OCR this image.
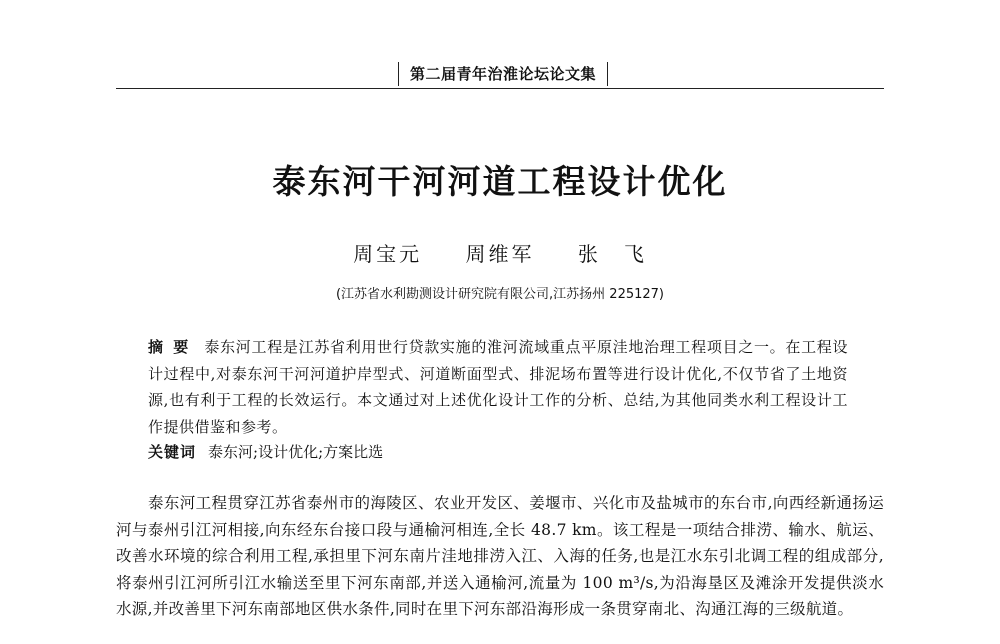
第二届青年治淮论坛论文集
泰东河干河河道工程设计优化
周宝元 周维军 张　飞
(江苏省水利勘测设计研究院有限公司,江苏扬州 225127)
摘要 泰东河工程是江苏省利用世行贷款实施的淮河流域重点平原洼地治理工程项目之一。在工程设计过程中,对泰东河干河河道护岸型式、河道断面型式、排泥场布置等进行设计优化,不仅节省了土地资源,也有利于工程的长效运行。本文通过对上述优化设计工作的分析、总结,为其他同类水利工程设计工作提供借鉴和参考。
关键词 泰东河;设计优化;方案比选
泰东河工程贯穿江苏省泰州市的海陵区、农业开发区、姜堰市、兴化市及盐城市的东台市,向西经新通扬运河与泰州引江河相接,向东经东台接口段与通榆河相连,全长 48.7 km。该工程是一项结合排涝、输水、航运、改善水环境的综合利用工程,承担里下河东南片洼地排涝入江、入海的任务,也是江水东引北调工程的组成部分,将泰州引江河所引江水输送至里下河东南部,并送入通榆河,流量为 100 m³/s,为沿海垦区及滩涂开发提供淡水水源,并改善里下河东南部地区供水条件,同时在里下河东部沿海形成一条贯穿南北、沟通江海的三级航道。
